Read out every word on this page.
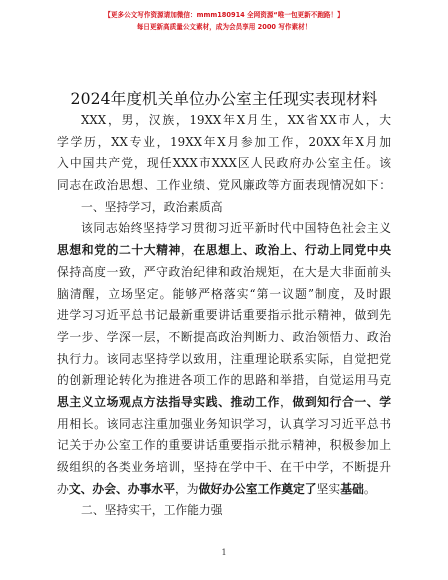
【更多公文写作资源请加微信：mmm180914 全网资源“唯一包更新不跑路！】
每日更新高质量公文素材，成为会员享用 2000 写作素材！
2024年度机关单位办公室主任现实表现材料
XXX，男，汉族，19XX年X月生，XX省XX市人，大
学学历，XX专业，19XX年X月参加工作，20XX年X月加
入中国共产党，现任XXX市XXX区人民政府办公室主任。该
同志在政治思想、工作业绩、党风廉政等方面表现情况如下：
一、坚持学习，政治素质高
该同志始终坚持学习贯彻习近平新时代中国特色社会主义
思想和党的二十大精神，在思想上、政治上、行动上同党中央
保持高度一致，严守政治纪律和政治规矩，在大是大非面前头
脑清醒，立场坚定。能够严格落实“第一议题”制度，及时跟
进学习习近平总书记最新重要讲话重要指示批示精神，做到先
学一步、学深一层，不断提高政治判断力、政治领悟力、政治
执行力。该同志坚持学以致用，注重理论联系实际，自觉把党
的创新理论转化为推进各项工作的思路和举措，自觉运用马克
思主义立场观点方法指导实践、推动工作，做到知行合一、学
用相长。该同志注重加强业务知识学习，认真学习习近平总书
记关于办公室工作的重要讲话重要指示批示精神，积极参加上
级组织的各类业务培训，坚持在学中干、在干中学，不断提升
办文、办会、办事水平，为做好办公室工作奠定了坚实基础。
二、坚持实干，工作能力强
1
